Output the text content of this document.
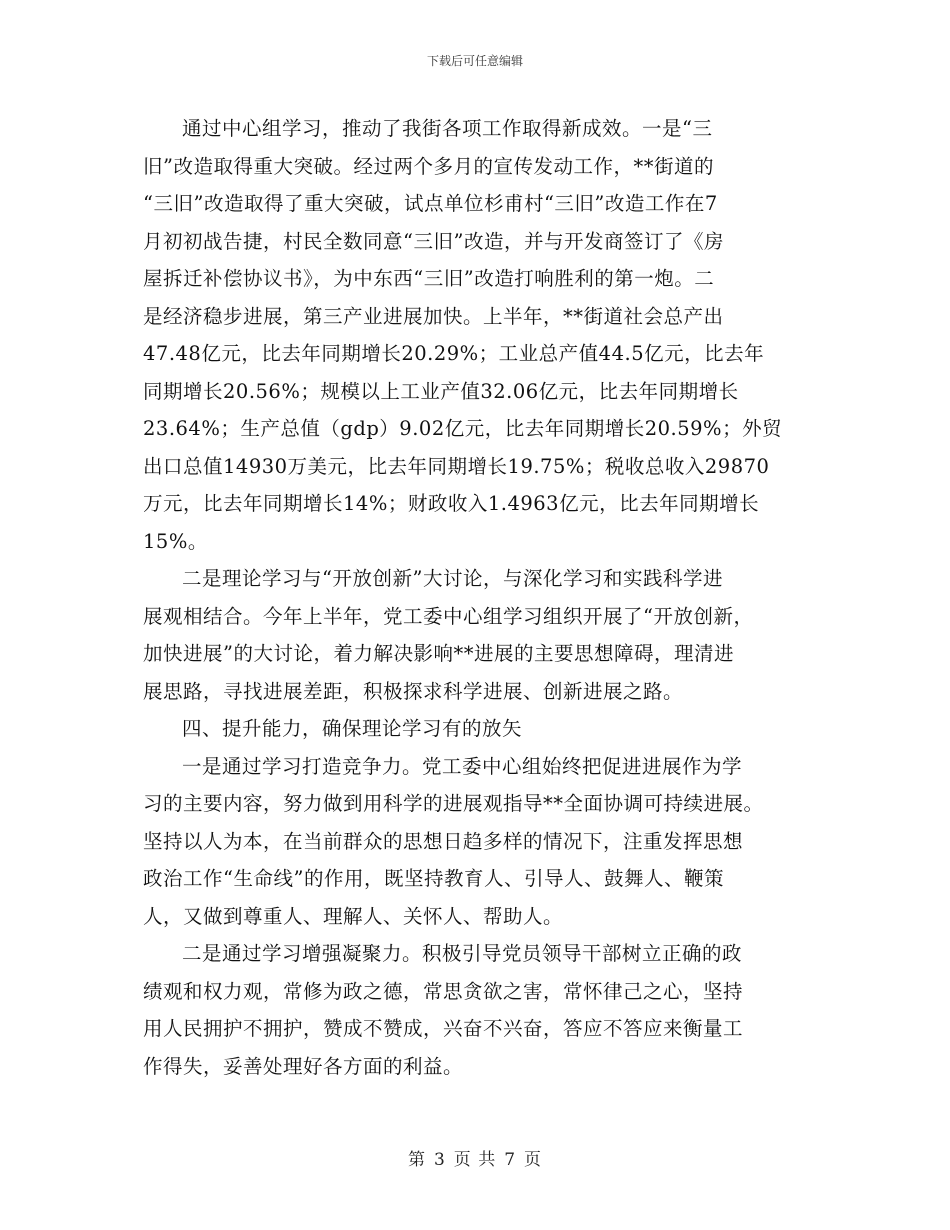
下载后可任意编辑

通过中心组学习，推动了我街各项工作取得新成效。一是“三
旧”改造取得重大突破。经过两个多月的宣传发动工作，**街道的
“三旧”改造取得了重大突破，试点单位杉甫村“三旧”改造工作在7
月初初战告捷，村民全数同意“三旧”改造，并与开发商签订了《房
屋拆迁补偿协议书》，为中东西“三旧”改造打响胜利的第一炮。二
是经济稳步进展，第三产业进展加快。上半年，**街道社会总产出
47.48亿元，比去年同期增长20.29%；工业总产值44.5亿元，比去年
同期增长20.56%；规模以上工业产值32.06亿元，比去年同期增长
23.64%；生产总值（gdp）9.02亿元，比去年同期增长20.59%；外贸
出口总值14930万美元，比去年同期增长19.75%；税收总收入29870
万元，比去年同期增长14%；财政收入1.4963亿元，比去年同期增长
15%。

二是理论学习与“开放创新”大讨论，与深化学习和实践科学进
展观相结合。今年上半年，党工委中心组学习组织开展了“开放创新，
加快进展”的大讨论，着力解决影响**进展的主要思想障碍，理清进
展思路，寻找进展差距，积极探求科学进展、创新进展之路。

四、提升能力，确保理论学习有的放矢

一是通过学习打造竞争力。党工委中心组始终把促进进展作为学
习的主要内容，努力做到用科学的进展观指导**全面协调可持续进展。
坚持以人为本，在当前群众的思想日趋多样的情况下，注重发挥思想
政治工作“生命线”的作用，既坚持教育人、引导人、鼓舞人、鞭策
人，又做到尊重人、理解人、关怀人、帮助人。

二是通过学习增强凝聚力。积极引导党员领导干部树立正确的政
绩观和权力观，常修为政之德，常思贪欲之害，常怀律己之心，坚持
用人民拥护不拥护，赞成不赞成，兴奋不兴奋，答应不答应来衡量工
作得失，妥善处理好各方面的利益。

第 3 页 共 7 页
